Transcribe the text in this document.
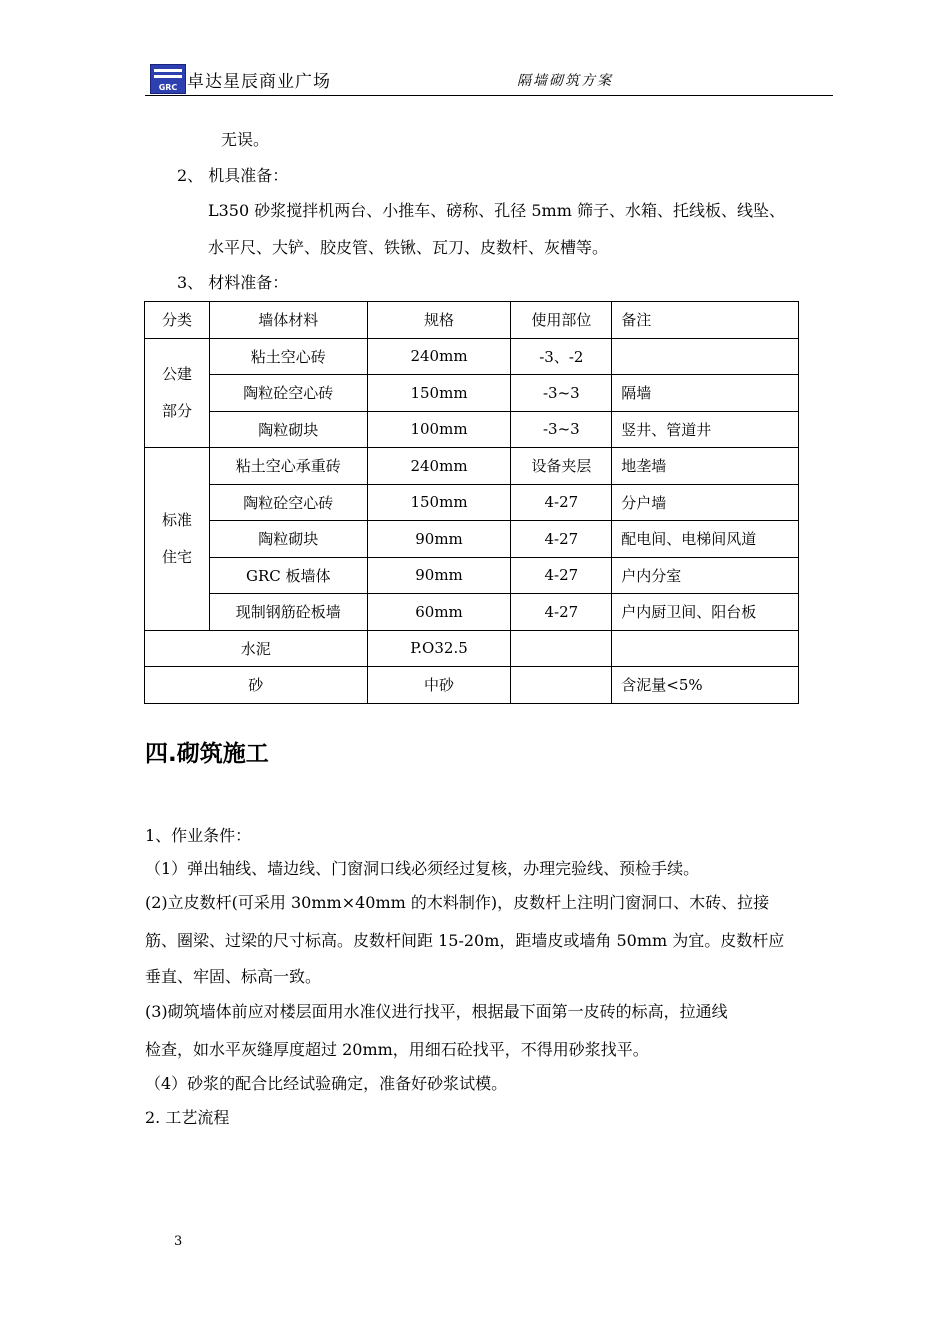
GRC 卓达星辰商业广场	隔墙砌筑方案
无误。
2、 机具准备：
L350 砂浆搅拌机两台、小推车、磅称、孔径 5mm 筛子、水箱、托线板、线坠、
水平尺、大铲、胶皮管、铁锹、瓦刀、皮数杆、灰槽等。
3、 材料准备：
分类	墙体材料	规格	使用部位	备注

公建
部分	粘土空心砖	240mm	-3、-2	
	陶粒砼空心砖	150mm	-3~3	隔墙
	陶粒砌块	100mm	-3~3	竖井、管道井

标准
住宅	粘土空心承重砖	240mm	设备夹层	地垄墙
	陶粒砼空心砖	150mm	4-27	分户墙
	陶粒砌块	90mm	4-27	配电间、电梯间风道
	GRC 板墙体	90mm	4-27	户内分室
	现制钢筋砼板墙	60mm	4-27	户内厨卫间、阳台板
水泥		P.O32.5		
砂		中砂		含泥量<5%
四.砌筑施工
1、作业条件：
（1）弹出轴线、墙边线、门窗洞口线必须经过复核，办理完验线、预检手续。
(2)立皮数杆(可采用 30mm×40mm 的木料制作)，皮数杆上注明门窗洞口、木砖、拉接
筋、圈梁、过梁的尺寸标高。皮数杆间距 15-20m，距墙皮或墙角 50mm 为宜。皮数杆应
垂直、牢固、标高一致。
(3)砌筑墙体前应对楼层面用水准仪进行找平，根据最下面第一皮砖的标高，拉通线
检查，如水平灰缝厚度超过 20mm，用细石砼找平，不得用砂浆找平。
（4）砂浆的配合比经试验确定，准备好砂浆试模。
2. 工艺流程
3
